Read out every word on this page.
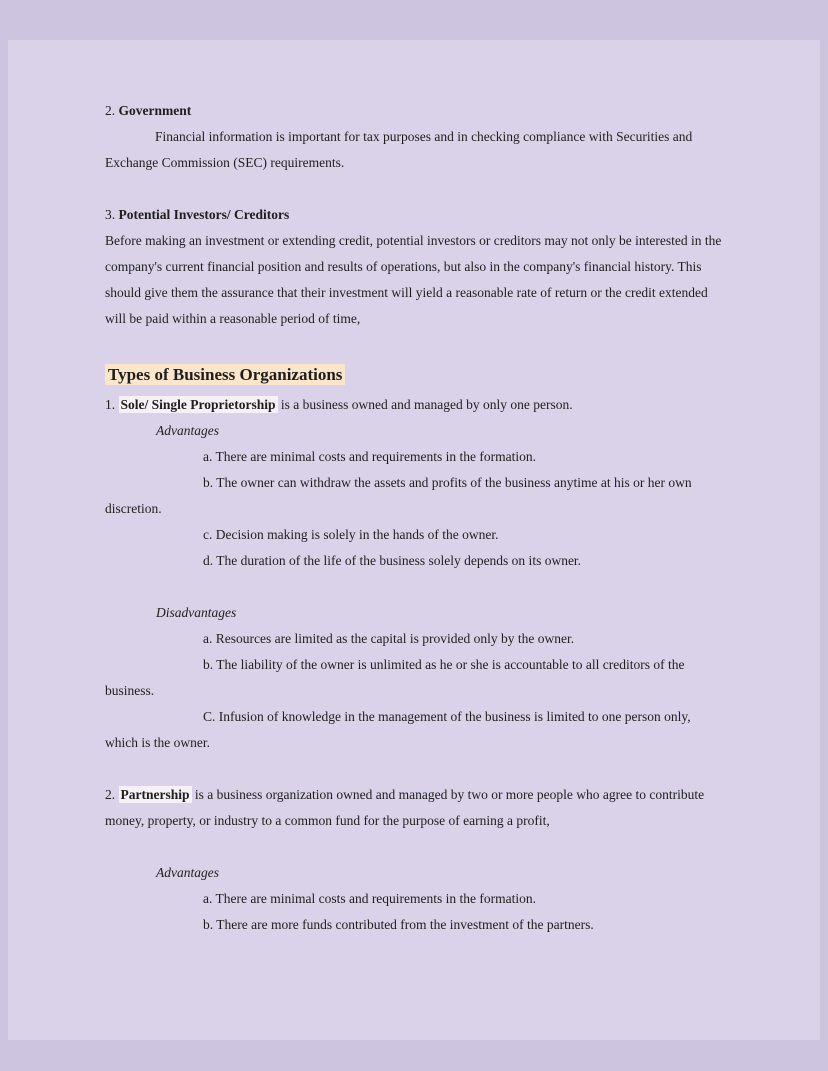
2. Government

Financial information is important for tax purposes and in checking compliance with Securities and Exchange Commission (SEC) requirements.

3. Potential Investors/ Creditors

Before making an investment or extending credit, potential investors or creditors may not only be interested in the company's current financial position and results of operations, but also in the company's financial history. This should give them the assurance that their investment will yield a reasonable rate of return or the credit extended will be paid within a reasonable period of time,

Types of Business Organizations

1. Sole/ Single Proprietorship is a business owned and managed by only one person.

Advantages

a. There are minimal costs and requirements in the formation.

b. The owner can withdraw the assets and profits of the business anytime at his or her own discretion.

c. Decision making is solely in the hands of the owner.

d. The duration of the life of the business solely depends on its owner.

Disadvantages

a. Resources are limited as the capital is provided only by the owner.

b. The liability of the owner is unlimited as he or she is accountable to all creditors of the business.

C. Infusion of knowledge in the management of the business is limited to one person only, which is the owner.

2. Partnership is a business organization owned and managed by two or more people who agree to contribute money, property, or industry to a common fund for the purpose of earning a profit,

Advantages

a. There are minimal costs and requirements in the formation.

b. There are more funds contributed from the investment of the partners.
